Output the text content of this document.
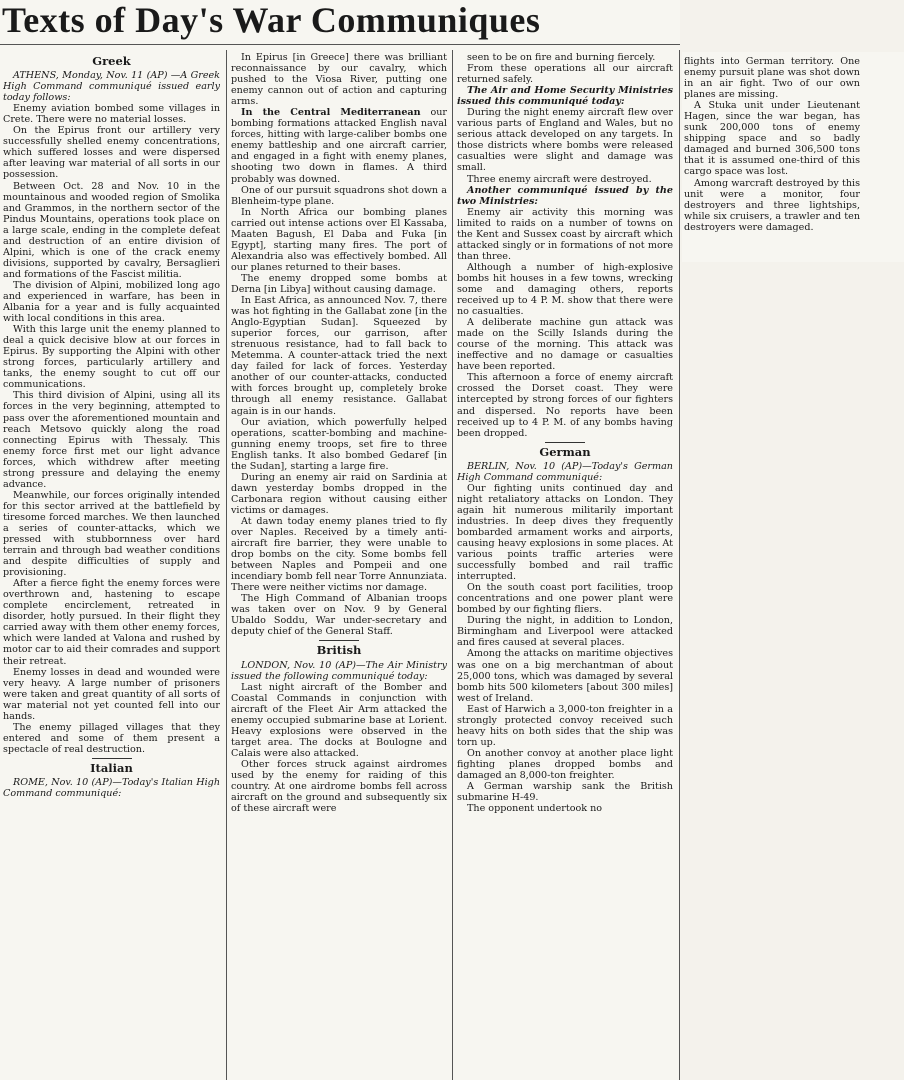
Texts of Day's War Communiques
Greek

ATHENS, Monday, Nov. 11 (AP) —A Greek High Command communiqué issued early today follows:

Enemy aviation bombed some villages in Crete. There were no material losses.

On the Epirus front our artillery very successfully shelled enemy concentrations, which suffered losses and were dispersed after leaving war material of all sorts in our possession.

Between Oct. 28 and Nov. 10 in the mountainous and wooded region of Smolika and Grammos, in the northern sector of the Pindus Mountains, operations took place on a large scale, ending in the complete defeat and destruction of an entire division of Alpini, which is one of the crack enemy divisions, supported by cavalry, Bersaglieri and formations of the Fascist militia.

The division of Alpini, mobilized long ago and experienced in warfare, has been in Albania for a year and is fully acquainted with local conditions in this area.

With this large unit the enemy planned to deal a quick decisive blow at our forces in Epirus. By supporting the Alpini with other strong forces, particularly artillery and tanks, the enemy sought to cut off our communications.

This third division of Alpini, using all its forces in the very beginning, attempted to pass over the aforementioned mountain and reach Metsovo quickly along the road connecting Epirus with Thessaly. This enemy force first met our light advance forces, which withdrew after meeting strong pressure and delaying the enemy advance.

Meanwhile, our forces originally intended for this sector arrived at the battlefield by tiresome forced marches. We then launched a series of counter-attacks, which we pressed with stubbornness over hard terrain and through bad weather conditions and despite difficulties of supply and provisioning.

After a fierce fight the enemy forces were overthrown and, hastening to escape complete encirclement, retreated in disorder, hotly pursued. In their flight they carried away with them other enemy forces, which were landed at Valona and rushed by motor car to aid their comrades and support their retreat.

Enemy losses in dead and wounded were very heavy. A large number of prisoners were taken and great quantity of all sorts of war material not yet counted fell into our hands.

The enemy pillaged villages that they entered and some of them present a spectacle of real destruction.

Italian

ROME, Nov. 10 (AP)—Today's Italian High Command communiqué:

In Epirus [in Greece] there was brilliant reconnaissance by our cavalry, which pushed to the Viosa River, putting one enemy cannon out of action and capturing arms.

In the Central Mediterranean our bombing formations attacked English naval forces, hitting with large-caliber bombs one enemy battleship and one aircraft carrier, and engaged in a fight with enemy planes, shooting two down in flames. A third probably was downed.

One of our pursuit squadrons shot down a Blenheim-type plane.

In North Africa our bombing planes carried out intense actions over El Kassaba, Maaten Bagush, El Daba and Fuka [in Egypt], starting many fires. The port of Alexandria also was effectively bombed. All our planes returned to their bases.

The enemy dropped some bombs at Derna [in Libya] without causing damage.

In East Africa, as announced Nov. 7, there was hot fighting in the Gallabat zone [in the Anglo-Egyptian Sudan]. Squeezed by superior forces, our garrison, after strenuous resistance, had to fall back to Metemma. A counter-attack tried the next day failed for lack of forces. Yesterday another of our counter-attacks, conducted with forces brought up, completely broke through all enemy resistance. Gallabat again is in our hands.

Our aviation, which powerfully helped operations, scatter-bombing and machine-gunning enemy troops, set fire to three English tanks. It also bombed Gedaref [in the Sudan], starting a large fire.

During an enemy air raid on Sardinia at dawn yesterday bombs dropped in the Carbonara region without causing either victims or damages.

At dawn today enemy planes tried to fly over Naples. Received by a timely anti-aircraft fire barrier, they were unable to drop bombs on the city. Some bombs fell between Naples and Pompeii and one incendiary bomb fell near Torre Annunziata. There were neither victims nor damage.

The High Command of Albanian troops was taken over on Nov. 9 by General Ubaldo Soddu, War under-secretary and deputy chief of the General Staff.

British

LONDON, Nov. 10 (AP)—The Air Ministry issued the following communiqué today:

Last night aircraft of the Bomber and Coastal Commands in conjunction with aircraft of the Fleet Air Arm attacked the enemy occupied submarine base at Lorient. Heavy explosions were observed in the target area. The docks at Boulogne and Calais were also attacked.

Other forces struck against airdromes used by the enemy for raiding of this country. At one airdrome bombs fell across aircraft on the ground and subsequently six of these aircraft were

seen to be on fire and burning fiercely.

From these operations all our aircraft returned safely.

The Air and Home Security Ministries issued this communiqué today:

During the night enemy aircraft flew over various parts of England and Wales, but no serious attack developed on any targets. In those districts where bombs were released casualties were slight and damage was small.

Three enemy aircraft were destroyed.

Another communiqué issued by the two Ministries:

Enemy air activity this morning was limited to raids on a number of towns on the Kent and Sussex coast by aircraft which attacked singly or in formations of not more than three.

Although a number of high-explosive bombs hit houses in a few towns, wrecking some and damaging others, reports received up to 4 P. M. show that there were no casualties.

A deliberate machine gun attack was made on the Scilly Islands during the course of the morning. This attack was ineffective and no damage or casualties have been reported.

This afternoon a force of enemy aircraft crossed the Dorset coast. They were intercepted by strong forces of our fighters and dispersed. No reports have been received up to 4 P. M. of any bombs having been dropped.

German

BERLIN, Nov. 10 (AP)—Today's German High Command communiqué:

Our fighting units continued day and night retaliatory attacks on London. They again hit numerous militarily important industries. In deep dives they frequently bombarded armament works and airports, causing heavy explosions in some places. At various points traffic arteries were successfully bombed and rail traffic interrupted.

On the south coast port facilities, troop concentrations and one power plant were bombed by our fighting fliers.

During the night, in addition to London, Birmingham and Liverpool were attacked and fires caused at several places.

Among the attacks on maritime objectives was one on a big merchantman of about 25,000 tons, which was damaged by several bomb hits 500 kilometers [about 300 miles] west of Ireland.

East of Harwich a 3,000-ton freighter in a strongly protected convoy received such heavy hits on both sides that the ship was torn up.

On another convoy at another place light fighting planes dropped bombs and damaged an 8,000-ton freighter.

A German warship sank the British submarine H-49.

The opponent undertook no

flights into German territory. One enemy pursuit plane was shot down in an air fight. Two of our own planes are missing.

A Stuka unit under Lieutenant Hagen, since the war began, has sunk 200,000 tons of enemy shipping space and so badly damaged and burned 306,500 tons that it is assumed one-third of this cargo space was lost.

Among warcraft destroyed by this unit were a monitor, four destroyers and three lightships, while six cruisers, a trawler and ten destroyers were damaged.
